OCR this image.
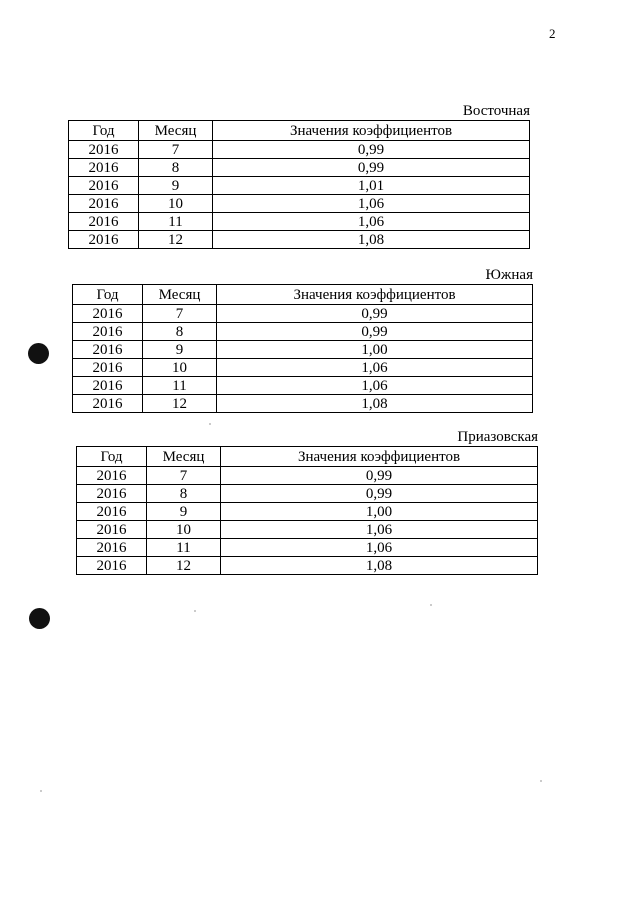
2
Восточная
Год	Месяц	Значения коэффициентов
2016	7	0,99
2016	8	0,99
2016	9	1,01
2016	10	1,06
2016	11	1,06
2016	12	1,08
Южная
Год	Месяц	Значения коэффициентов
2016	7	0,99
2016	8	0,99
2016	9	1,00
2016	10	1,06
2016	11	1,06
2016	12	1,08
Приазовская
Год	Месяц	Значения коэффициентов
2016	7	0,99
2016	8	0,99
2016	9	1,00
2016	10	1,06
2016	11	1,06
2016	12	1,08
